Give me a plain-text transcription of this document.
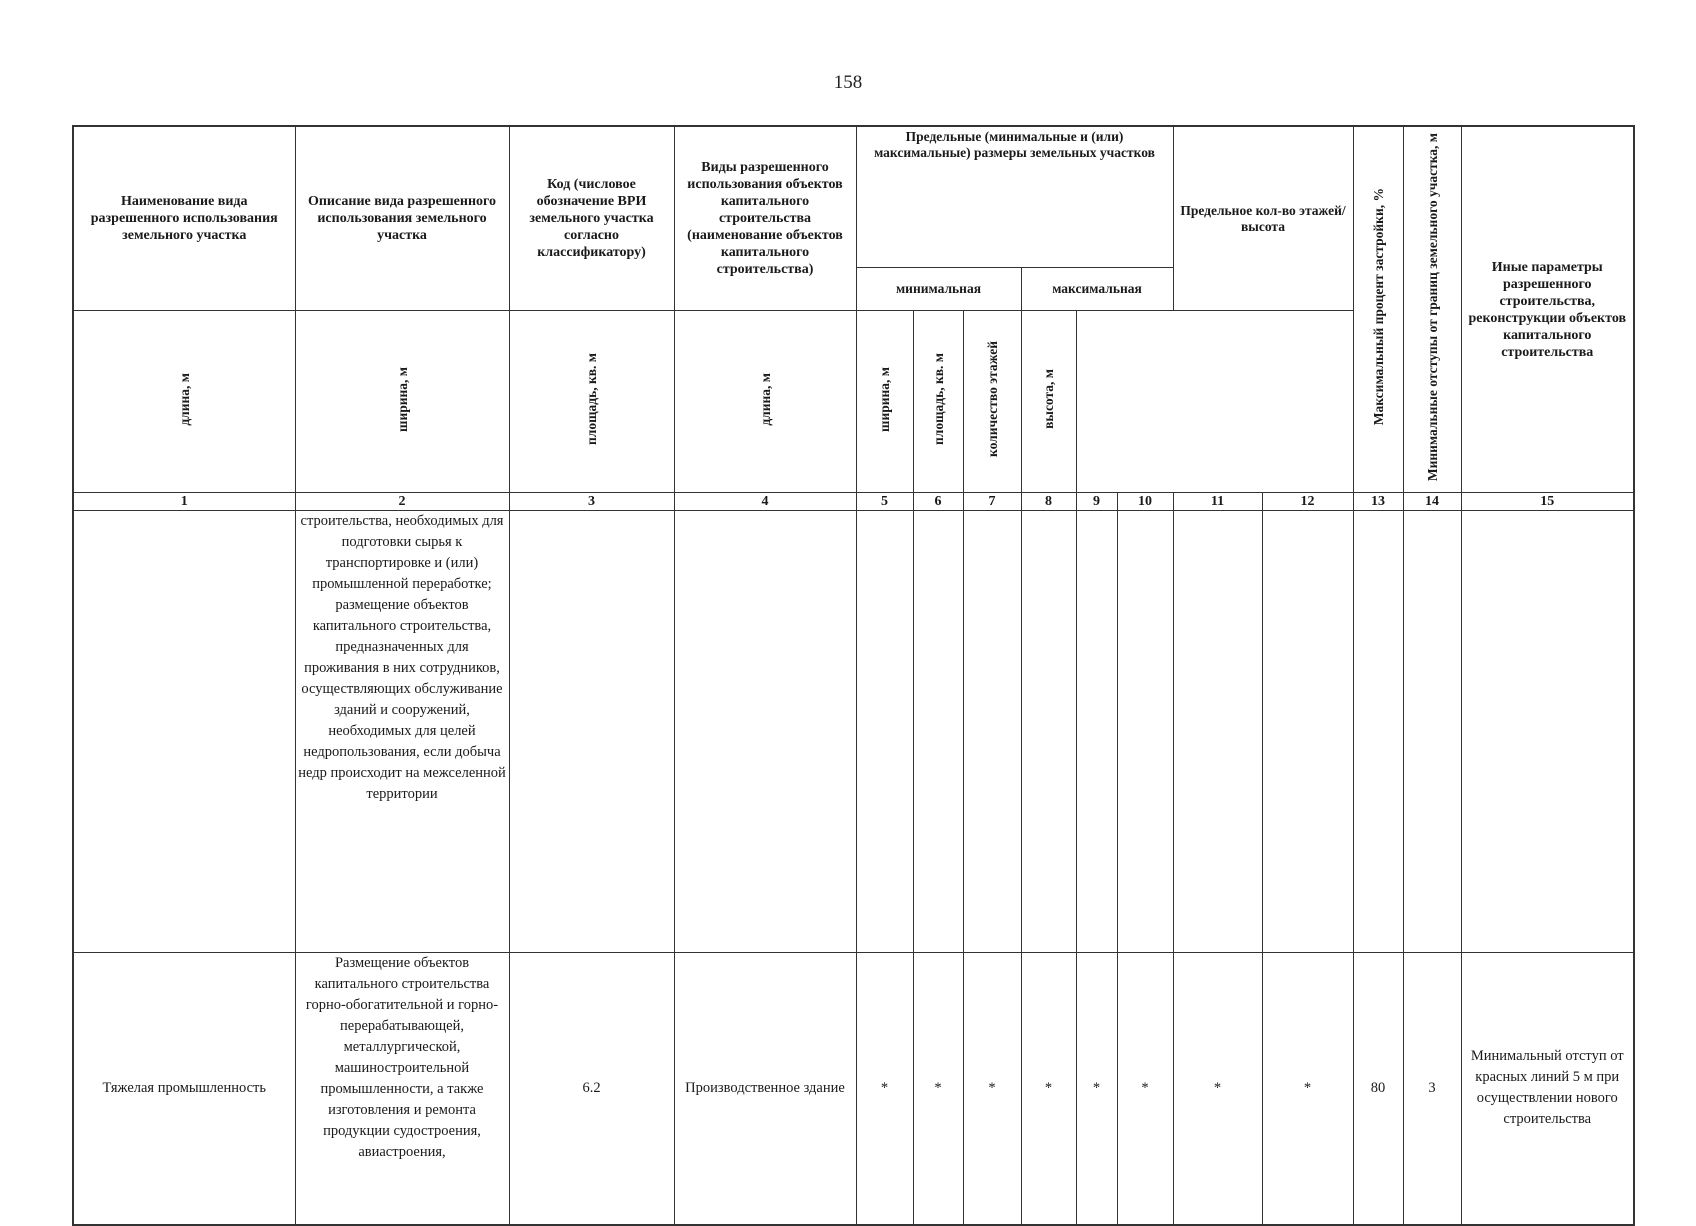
158
Наименование вида разрешенного использования земельного участка	Описание вида разрешенного использования земельного участка	Код (числовое обозначение ВРИ земельного участка согласно классификатору)	Виды разрешенного использования объектов капитального строительства (наименование объектов капитального строительства)	Предельные (минимальные и (или) максимальные) размеры земельных участков						Предельное кол-во этажей/высота		Максимальный процент застройки, %	Минимальные отступы от границ земельного участка, м	Иные параметры разрешенного строительства, реконструкции объектов капитального строительства

				минимальная			максимальная							
длина, м	ширина, м	площадь, кв. м	длина, м	ширина, м	площадь, кв. м	количество этажей	высота, м							
1	2	3	4	5	6	7	8	9	10	11	12	13	14	15
	строительства, необходимых для подготовки сырья к транспортировке и (или) промышленной переработке; размещение объектов капитального строительства, предназначенных для проживания в них сотрудников, осуществляющих обслуживание зданий и сооружений, необходимых для целей недропользования, если добыча недр происходит на межселенной территории													
Тяжелая промышленность	Размещение объектов капитального строительства горно-обогатительной и горно-перерабатывающей, металлургической, машиностроительной промышленности, а также изготовления и ремонта продукции судостроения, авиастроения,	6.2	Производственное здание	*	*	*	*	*	*	*	*	80	3	Минимальный отступ от красных линий 5 м при осуществлении нового строительства
